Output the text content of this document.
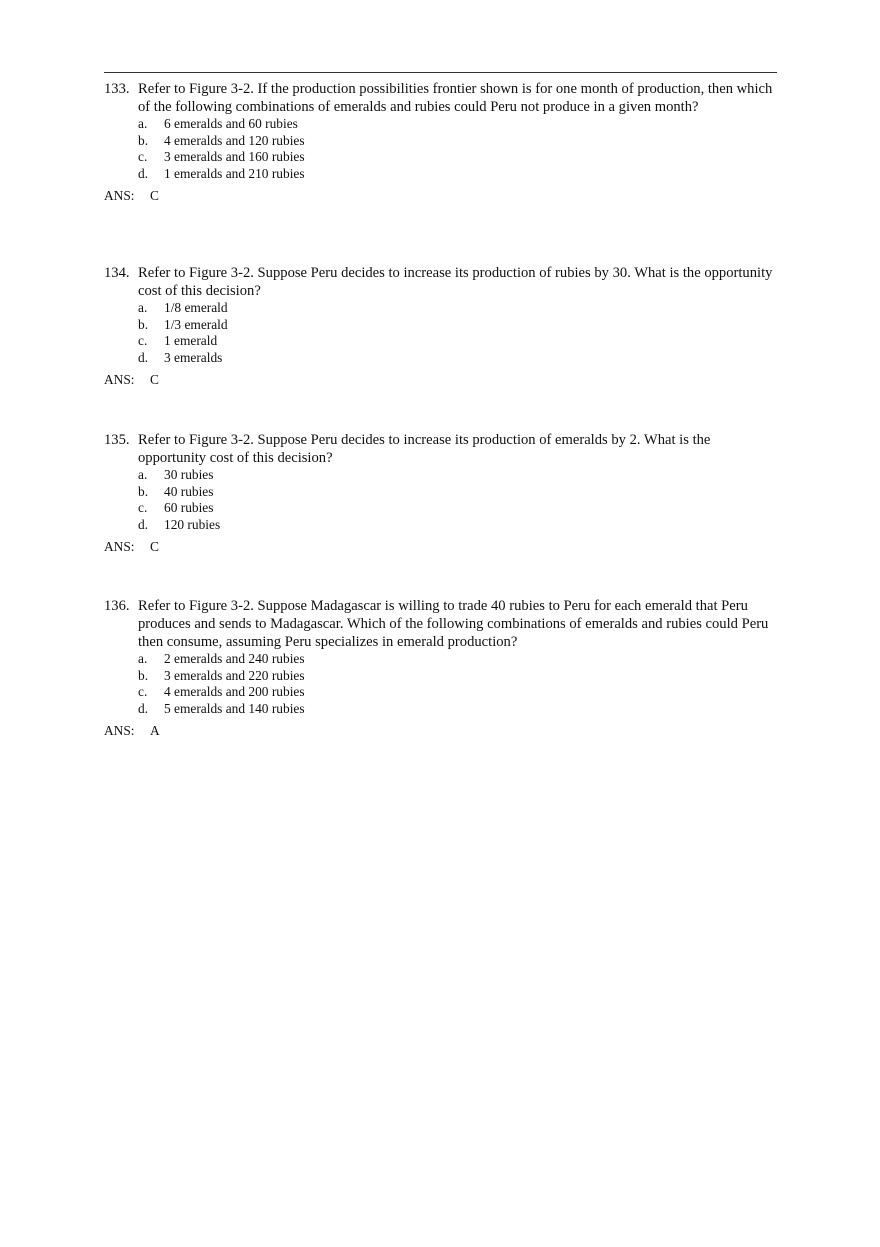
133. Refer to Figure 3-2. If the production possibilities frontier shown is for one month of production, then which of the following combinations of emeralds and rubies could Peru not produce in a given month?
a. 6 emeralds and 60 rubies
b. 4 emeralds and 120 rubies
c. 3 emeralds and 160 rubies
d. 1 emeralds and 210 rubies
ANS: C
134. Refer to Figure 3-2. Suppose Peru decides to increase its production of rubies by 30. What is the opportunity cost of this decision?
a. 1/8 emerald
b. 1/3 emerald
c. 1 emerald
d. 3 emeralds
ANS: C
135. Refer to Figure 3-2. Suppose Peru decides to increase its production of emeralds by 2. What is the opportunity cost of this decision?
a. 30 rubies
b. 40 rubies
c. 60 rubies
d. 120 rubies
ANS: C
136. Refer to Figure 3-2. Suppose Madagascar is willing to trade 40 rubies to Peru for each emerald that Peru produces and sends to Madagascar. Which of the following combinations of emeralds and rubies could Peru then consume, assuming Peru specializes in emerald production?
a. 2 emeralds and 240 rubies
b. 3 emeralds and 220 rubies
c. 4 emeralds and 200 rubies
d. 5 emeralds and 140 rubies
ANS: A
